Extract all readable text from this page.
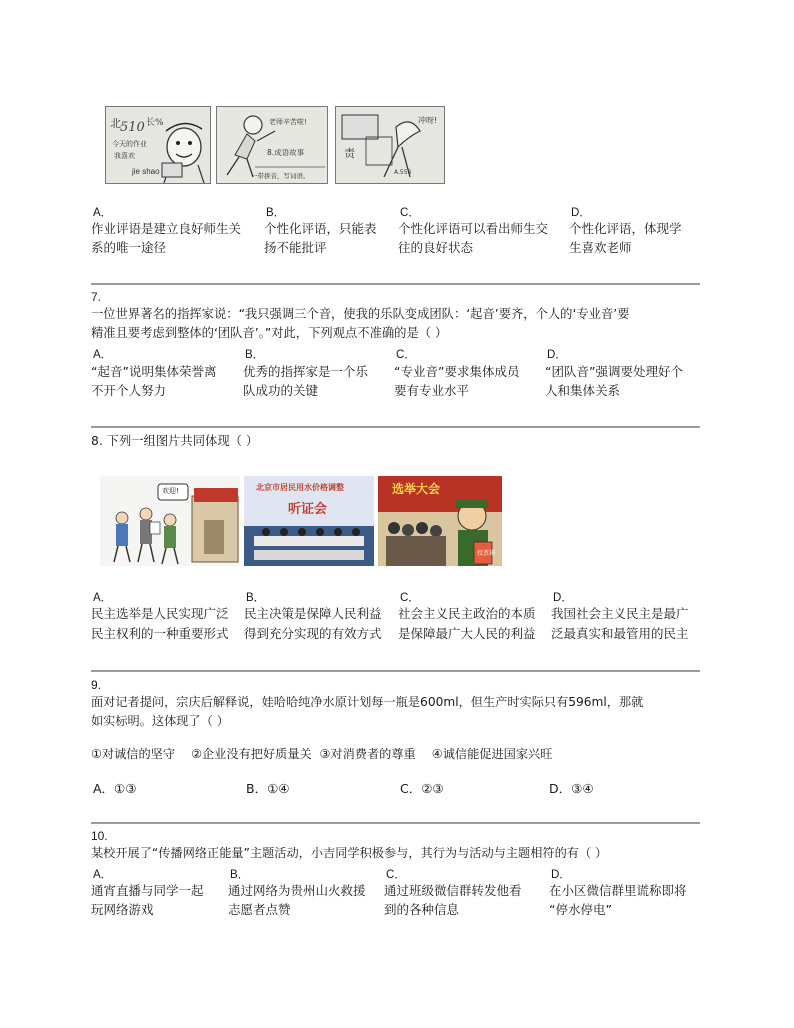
北 510 长%
今天的作业
我喜欢
jie shao
老师辛苦啦!
8.成语故事
一带拼音，写词语。
责
冲呀!
A.556
A．
作业评语是建立良好师生关
系的唯一途径
B．
个性化评语，只能表
扬不能批评
C．
个性化评语可以看出师生交
往的良好状态
D．
个性化评语，体现学
生喜欢老师
7.
一位世界著名的指挥家说：“我只强调三个音，使我的乐队变成团队：‘起音’要齐，个人的‘专业音’要
精准且要考虑到整体的‘团队音’。”对此，下列观点不准确的是（ ）
A．
“起音”说明集体荣誉离
不开个人努力
B．
优秀的指挥家是一个乐
队成功的关键
C．
“专业音”要求集体成员
要有专业水平
D．
“团队音”强调要处理好个
人和集体关系
8. 下列一组图片共同体现（ ）
欢迎!	北京市居民用水价格调整
听证会
选举大会
投票箱
A．
民主选举是人民实现广泛
民主权利的一种重要形式
B．
民主决策是保障人民利益
得到充分实现的有效方式
C．
社会主义民主政治的本质
是保障最广大人民的利益
D．
我国社会主义民主是最广
泛最真实和最管用的民主
9.
面对记者提问，宗庆后解释说，娃哈哈纯净水原计划每一瓶是600ml，但生产时实际只有596ml，那就
如实标明。这体现了（ ）
①对诚信的坚守　 ②企业没有把好质量关  ③对消费者的尊重　 ④诚信能促进国家兴旺
A．①③	B．①④	C．②③	D．③④
10.
某校开展了“传播网络正能量”主题活动，小吉同学积极参与，其行为与活动与主题相符的有（ ）
A．
通宵直播与同学一起
玩网络游戏
B．
通过网络为贵州山火救援
志愿者点赞
C．
通过班级微信群转发他看
到的各种信息
D．
在小区微信群里谎称即将
“停水停电”
